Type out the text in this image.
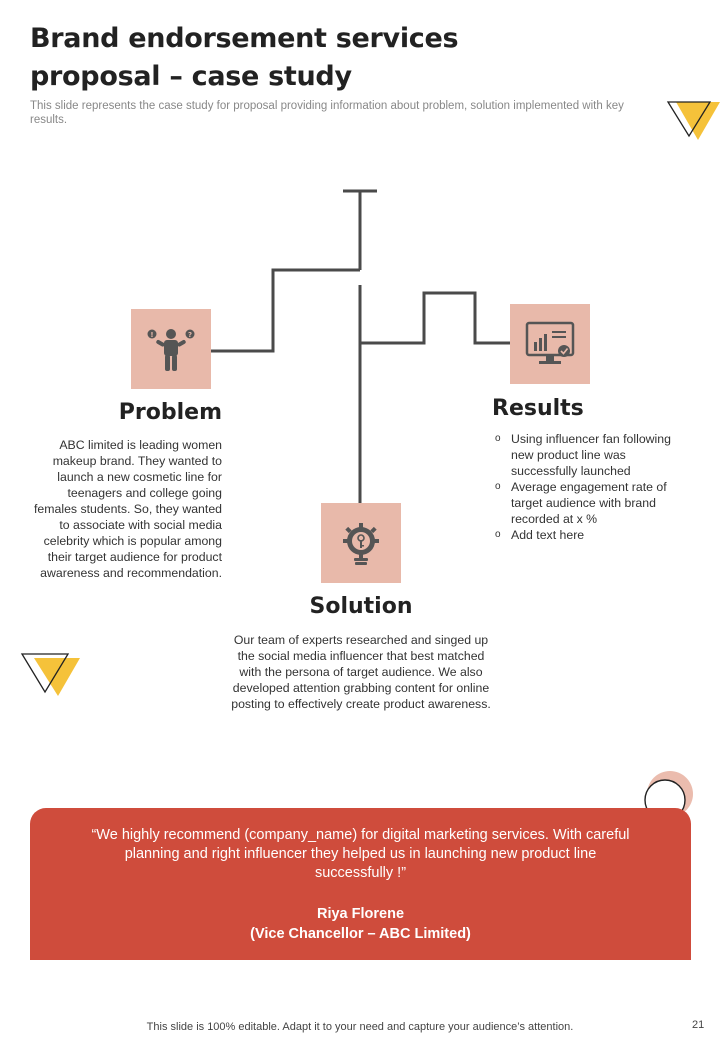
Brand endorsement services proposal – case study
This slide represents the case study for proposal providing information about problem, solution implemented with key results.
!	?
Problem
ABC limited is leading women makeup brand. They wanted to launch a new cosmetic line for teenagers and college going females students. So, they wanted to associate with social media celebrity which is popular among their target audience for product awareness and recommendation.
Solution
Our team of experts researched and singed up the social media influencer that best matched with the persona of target audience. We also developed attention grabbing content for online posting to effectively create product awareness.
Results
o Using influencer fan following new product line was successfully launched
o Average engagement rate of target audience with brand recorded at x %
o Add text here
“We highly recommend (company_name) for digital marketing services. With careful planning and right influencer they helped us in launching new product line successfully !”
Riya Florene
(Vice Chancellor – ABC Limited)
This slide is 100% editable. Adapt it to your need and capture your audience’s attention.	21
